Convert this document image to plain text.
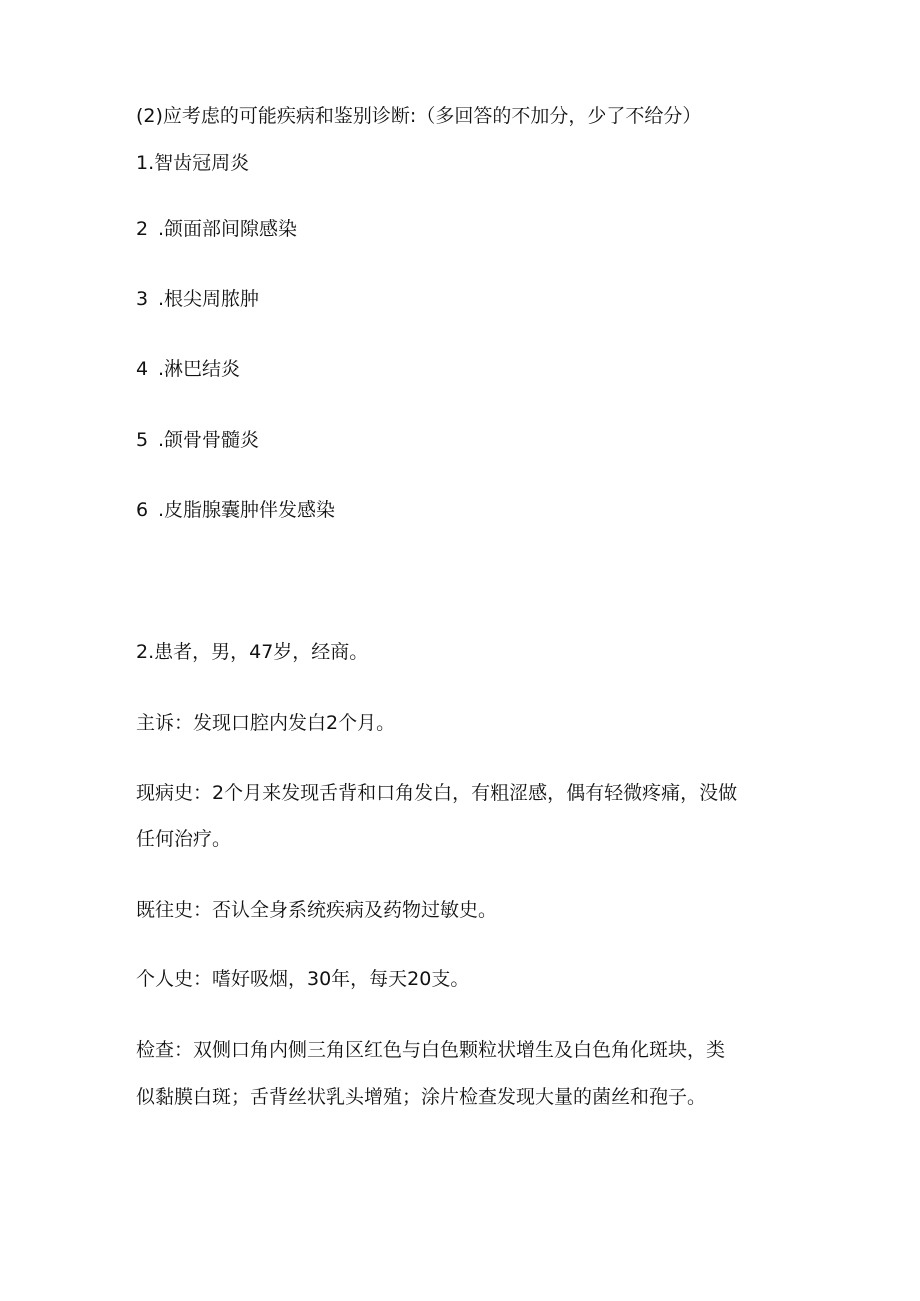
(2)应考虑的可能疾病和鉴别诊断:（多回答的不加分，少了不给分）
1.智齿冠周炎
2 .颌面部间隙感染
3 .根尖周脓肿
4 .淋巴结炎
5 .颌骨骨髓炎
6 .皮脂腺囊肿伴发感染
2.患者，男，47岁，经商。
主诉：发现口腔内发白2个月。
现病史：2个月来发现舌背和口角发白，有粗涩感，偶有轻微疼痛，没做
任何治疗。
既往史：否认全身系统疾病及药物过敏史。
个人史：嗜好吸烟，30年，每天20支。
检查：双侧口角内侧三角区红色与白色颗粒状增生及白色角化斑块，类
似黏膜白斑；舌背丝状乳头增殖；涂片检查发现大量的菌丝和孢子。
